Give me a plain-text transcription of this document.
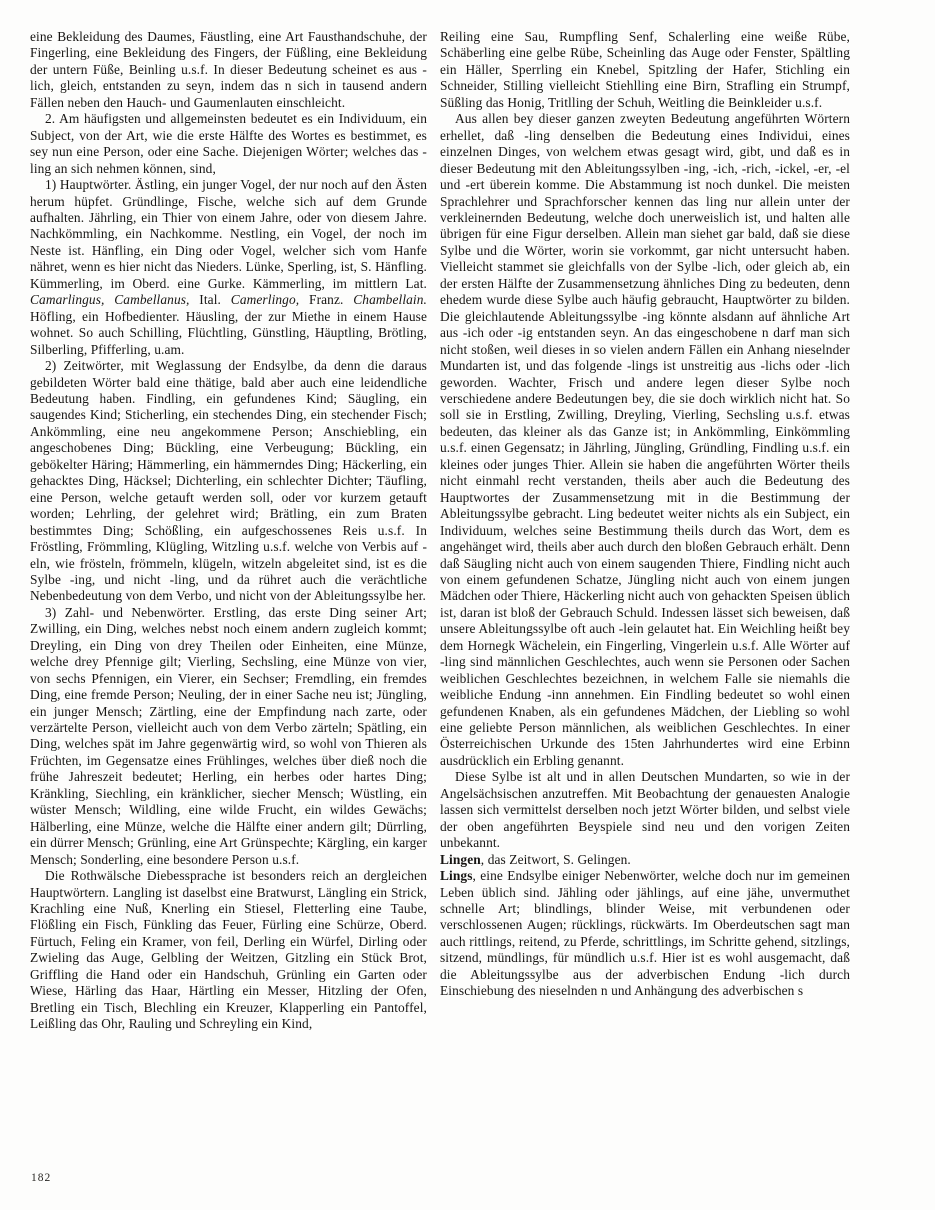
eine Bekleidung des Daumes, Fäustling, eine Art Fausthandschuhe, der Fingerling, eine Bekleidung des Fingers, der Füßling, eine Bekleidung der untern Füße, Beinling u.s.f. In dieser Bedeutung scheinet es aus -lich, gleich, entstanden zu seyn, indem das n sich in tausend andern Fällen neben den Hauch- und Gaumenlauten einschleicht.

2. Am häufigsten und allgemeinsten bedeutet es ein Individuum, ein Subject, von der Art, wie die erste Hälfte des Wortes es bestimmet, es sey nun eine Person, oder eine Sache. Diejenigen Wörter; welches das -ling an sich nehmen können, sind,

1) Hauptwörter. Ästling, ein junger Vogel, der nur noch auf den Ästen herum hüpfet. Gründlinge, Fische, welche sich auf dem Grunde aufhalten. Jährling, ein Thier von einem Jahre, oder von diesem Jahre. Nachkömmling, ein Nachkomme. Nestling, ein Vogel, der noch im Neste ist. Hänfling, ein Ding oder Vogel, welcher sich vom Hanfe nähret, wenn es hier nicht das Nieders. Lünke, Sperling, ist, S. Hänfling. Kümmerling, im Oberd. eine Gurke. Kämmerling, im mittlern Lat. Camarlingus, Cambellanus, Ital. Camerlingo, Franz. Chambellain. Höfling, ein Hofbedienter. Häusling, der zur Miethe in einem Hause wohnet. So auch Schilling, Flüchtling, Günstling, Häuptling, Brötling, Silberling, Pfifferling, u.am.

2) Zeitwörter, mit Weglassung der Endsylbe, da denn die daraus gebildeten Wörter bald eine thätige, bald aber auch eine leidendliche Bedeutung haben. Findling, ein gefundenes Kind; Säugling, ein saugendes Kind; Sticherling, ein stechendes Ding, ein stechender Fisch; Ankömmling, eine neu angekommene Person; Anschiebling, ein angeschobenes Ding; Bückling, eine Verbeugung; Bückling, ein gebökelter Häring; Hämmerling, ein hämmerndes Ding; Häckerling, ein gehacktes Ding, Häcksel; Dichterling, ein schlechter Dichter; Täufling, eine Person, welche getauft werden soll, oder vor kurzem getauft worden; Lehrling, der gelehret wird; Brätling, ein zum Braten bestimmtes Ding; Schößling, ein aufgeschossenes Reis u.s.f. In Fröstling, Frömmling, Klügling, Witzling u.s.f. welche von Verbis auf -eln, wie frösteln, frömmeln, klügeln, witzeln abgeleitet sind, ist es die Sylbe -ing, und nicht -ling, und da rühret auch die verächtliche Nebenbedeutung von dem Verbo, und nicht von der Ableitungssylbe her.

3) Zahl- und Nebenwörter. Erstling, das erste Ding seiner Art; Zwilling, ein Ding, welches nebst noch einem andern zugleich kommt; Dreyling, ein Ding von drey Theilen oder Einheiten, eine Münze, welche drey Pfennige gilt; Vierling, Sechsling, eine Münze von vier, von sechs Pfennigen, ein Vierer, ein Sechser; Fremdling, ein fremdes Ding, eine fremde Person; Neuling, der in einer Sache neu ist; Jüngling, ein junger Mensch; Zärtling, eine der Empfindung nach zarte, oder verzärtelte Person, vielleicht auch von dem Verbo zärteln; Spätling, ein Ding, welches spät im Jahre gegenwärtig wird, so wohl von Thieren als Früchten, im Gegensatze eines Frühlinges, welches über dieß noch die frühe Jahreszeit bedeutet; Herling, ein herbes oder hartes Ding; Kränkling, Siechling, ein kränklicher, siecher Mensch; Wüstling, ein wüster Mensch; Wildling, eine wilde Frucht, ein wildes Gewächs; Hälberling, eine Münze, welche die Hälfte einer andern gilt; Dürrling, ein dürrer Mensch; Grünling, eine Art Grünspechte; Kärgling, ein karger Mensch; Sonderling, eine besondere Person u.s.f.

Die Rothwälsche Diebessprache ist besonders reich an dergleichen Hauptwörtern. Langling ist daselbst eine Bratwurst, Längling ein Strick, Krachling eine Nuß, Knerling ein Stiesel, Fletterling eine Taube, Flößling ein Fisch, Fünkling das Feuer, Fürling eine Schürze, Oberd. Fürtuch, Feling ein Kramer, von feil, Derling ein Würfel, Dirling oder Zwieling das Auge, Gelbling der Weitzen, Gitzling ein Stück Brot, Griffling die Hand oder ein Handschuh, Grünling ein Garten oder Wiese, Härling das Haar, Härtling ein Messer, Hitzling der Ofen, Bretling ein Tisch, Blechling ein Kreuzer, Klapperling ein Pantoffel, Leißling das Ohr, Rauling und Schreyling ein Kind,

Reiling eine Sau, Rumpfling Senf, Schalerling eine weiße Rübe, Schäberling eine gelbe Rübe, Scheinling das Auge oder Fenster, Spältling ein Häller, Sperrling ein Knebel, Spitzling der Hafer, Stichling ein Schneider, Stilling vielleicht Stiehlling eine Birn, Strafling ein Strumpf, Süßling das Honig, Tritlling der Schuh, Weitling die Beinkleider u.s.f.

Aus allen bey dieser ganzen zweyten Bedeutung angeführten Wörtern erhellet, daß -ling denselben die Bedeutung eines Individui, eines einzelnen Dinges, von welchem etwas gesagt wird, gibt, und daß es in dieser Bedeutung mit den Ableitungssylben -ing, -ich, -rich, -ickel, -er, -el und -ert überein komme. Die Abstammung ist noch dunkel. Die meisten Sprachlehrer und Sprachforscher kennen das ling nur allein unter der verkleinernden Bedeutung, welche doch unerweislich ist, und halten alle übrigen für eine Figur derselben. Allein man siehet gar bald, daß sie diese Sylbe und die Wörter, worin sie vorkommt, gar nicht untersucht haben. Vielleicht stammet sie gleichfalls von der Sylbe -lich, oder gleich ab, ein der ersten Hälfte der Zusammensetzung ähnliches Ding zu bedeuten, denn ehedem wurde diese Sylbe auch häufig gebraucht, Hauptwörter zu bilden. Die gleichlautende Ableitungssylbe -ing könnte alsdann auf ähnliche Art aus -ich oder -ig entstanden seyn. An das eingeschobene n darf man sich nicht stoßen, weil dieses in so vielen andern Fällen ein Anhang nieselnder Mundarten ist, und das folgende -lings ist unstreitig aus -lichs oder -lich geworden. Wachter, Frisch und andere legen dieser Sylbe noch verschiedene andere Bedeutungen bey, die sie doch wirklich nicht hat. So soll sie in Erstling, Zwilling, Dreyling, Vierling, Sechsling u.s.f. etwas bedeuten, das kleiner als das Ganze ist; in Ankömmling, Einkömmling u.s.f. einen Gegensatz; in Jährling, Jüngling, Gründling, Findling u.s.f. ein kleines oder junges Thier. Allein sie haben die angeführten Wörter theils nicht einmahl recht verstanden, theils aber auch die Bedeutung des Hauptwortes der Zusammensetzung mit in die Bestimmung der Ableitungssylbe gebracht. Ling bedeutet weiter nichts als ein Subject, ein Individuum, welches seine Bestimmung theils durch das Wort, dem es angehänget wird, theils aber auch durch den bloßen Gebrauch erhält. Denn daß Säugling nicht auch von einem saugenden Thiere, Findling nicht auch von einem gefundenen Schatze, Jüngling nicht auch von einem jungen Mädchen oder Thiere, Häckerling nicht auch von gehackten Speisen üblich ist, daran ist bloß der Gebrauch Schuld. Indessen lässet sich beweisen, daß unsere Ableitungssylbe oft auch -lein gelautet hat. Ein Weichling heißt bey dem Hornegk Wächelein, ein Fingerling, Vingerlein u.s.f. Alle Wörter auf -ling sind männlichen Geschlechtes, auch wenn sie Personen oder Sachen weiblichen Geschlechtes bezeichnen, in welchem Falle sie niemahls die weibliche Endung -inn annehmen. Ein Findling bedeutet so wohl einen gefundenen Knaben, als ein gefundenes Mädchen, der Liebling so wohl eine geliebte Person männlichen, als weiblichen Geschlechtes. In einer Österreichischen Urkunde des 15ten Jahrhundertes wird eine Erbinn ausdrücklich ein Erbling genannt.

Diese Sylbe ist alt und in allen Deutschen Mundarten, so wie in der Angelsächsischen anzutreffen. Mit Beobachtung der genauesten Analogie lassen sich vermittelst derselben noch jetzt Wörter bilden, und selbst viele der oben angeführten Beyspiele sind neu und den vorigen Zeiten unbekannt.

Lingen, das Zeitwort, S. Gelingen.

Lings, eine Endsylbe einiger Nebenwörter, welche doch nur im gemeinen Leben üblich sind. Jähling oder jählings, auf eine jähe, unvermuthet schnelle Art; blindlings, blinder Weise, mit verbundenen oder verschlossenen Augen; rücklings, rückwärts. Im Oberdeutschen sagt man auch rittlings, reitend, zu Pferde, schrittlings, im Schritte gehend, sitzlings, sitzend, mündlings, für mündlich u.s.f. Hier ist es wohl ausgemacht, daß die Ableitungssylbe aus der adverbischen Endung -lich durch Einschiebung des nieselnden n und Anhängung des adverbischen s

182
